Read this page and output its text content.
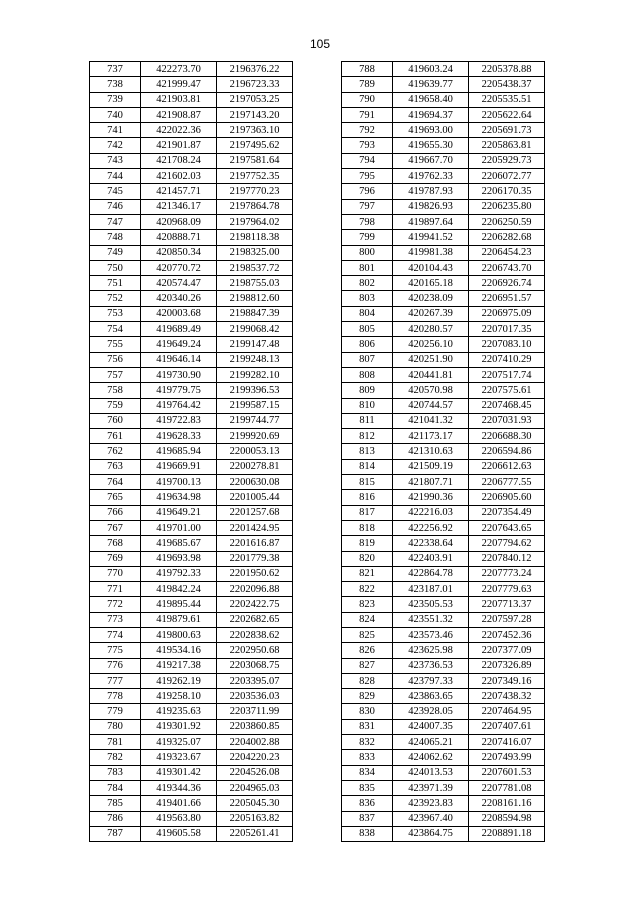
105
737	422273.70	2196376.22
738	421999.47	2196723.33
739	421903.81	2197053.25
740	421908.87	2197143.20
741	422022.36	2197363.10
742	421901.87	2197495.62
743	421708.24	2197581.64
744	421602.03	2197752.35
745	421457.71	2197770.23
746	421346.17	2197864.78
747	420968.09	2197964.02
748	420888.71	2198118.38
749	420850.34	2198325.00
750	420770.72	2198537.72
751	420574.47	2198755.03
752	420340.26	2198812.60
753	420003.68	2198847.39
754	419689.49	2199068.42
755	419649.24	2199147.48
756	419646.14	2199248.13
757	419730.90	2199282.10
758	419779.75	2199396.53
759	419764.42	2199587.15
760	419722.83	2199744.77
761	419628.33	2199920.69
762	419685.94	2200053.13
763	419669.91	2200278.81
764	419700.13	2200630.08
765	419634.98	2201005.44
766	419649.21	2201257.68
767	419701.00	2201424.95
768	419685.67	2201616.87
769	419693.98	2201779.38
770	419792.33	2201950.62
771	419842.24	2202096.88
772	419895.44	2202422.75
773	419879.61	2202682.65
774	419800.63	2202838.62
775	419534.16	2202950.68
776	419217.38	2203068.75
777	419262.19	2203395.07
778	419258.10	2203536.03
779	419235.63	2203711.99
780	419301.92	2203860.85
781	419325.07	2204002.88
782	419323.67	2204220.23
783	419301.42	2204526.08
784	419344.36	2204965.03
785	419401.66	2205045.30
786	419563.80	2205163.82
787	419605.58	2205261.41
788	419603.24	2205378.88
789	419639.77	2205438.37
790	419658.40	2205535.51
791	419694.37	2205622.64
792	419693.00	2205691.73
793	419655.30	2205863.81
794	419667.70	2205929.73
795	419762.33	2206072.77
796	419787.93	2206170.35
797	419826.93	2206235.80
798	419897.64	2206250.59
799	419941.52	2206282.68
800	419981.38	2206454.23
801	420104.43	2206743.70
802	420165.18	2206926.74
803	420238.09	2206951.57
804	420267.39	2206975.09
805	420280.57	2207017.35
806	420256.10	2207083.10
807	420251.90	2207410.29
808	420441.81	2207517.74
809	420570.98	2207575.61
810	420744.57	2207468.45
811	421041.32	2207031.93
812	421173.17	2206688.30
813	421310.63	2206594.86
814	421509.19	2206612.63
815	421807.71	2206777.55
816	421990.36	2206905.60
817	422216.03	2207354.49
818	422256.92	2207643.65
819	422338.64	2207794.62
820	422403.91	2207840.12
821	422864.78	2207773.24
822	423187.01	2207779.63
823	423505.53	2207713.37
824	423551.32	2207597.28
825	423573.46	2207452.36
826	423625.98	2207377.09
827	423736.53	2207326.89
828	423797.33	2207349.16
829	423863.65	2207438.32
830	423928.05	2207464.95
831	424007.35	2207407.61
832	424065.21	2207416.07
833	424062.62	2207493.99
834	424013.53	2207601.53
835	423971.39	2207781.08
836	423923.83	2208161.16
837	423967.40	2208594.98
838	423864.75	2208891.18
